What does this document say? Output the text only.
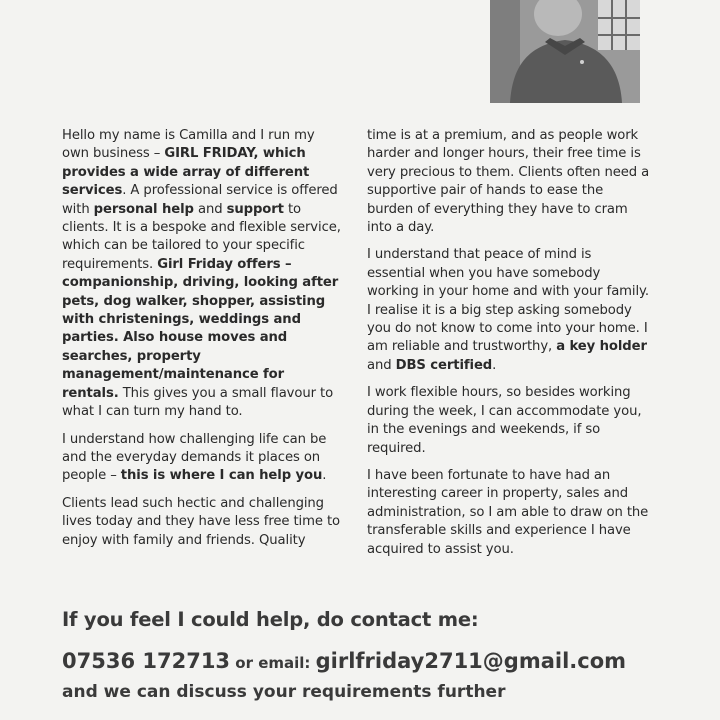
Hello my name is Camilla and I run my own business – GIRL FRIDAY, which provides a wide array of different services. A professional service is offered with personal help and support to clients. It is a bespoke and flexible service, which can be tailored to your specific requirements. Girl Friday offers – companionship, driving, looking after pets, dog walker, shopper, assisting with christenings, weddings and parties. Also house moves and searches, property management/maintenance for rentals. This gives you a small flavour to what I can turn my hand to.

I understand how challenging life can be and the everyday demands it places on people – this is where I can help you.

Clients lead such hectic and challenging lives today and they have less free time to enjoy with family and friends. Quality

time is at a premium, and as people work harder and longer hours, their free time is very precious to them. Clients often need a supportive pair of hands to ease the burden of everything they have to cram into a day.

I understand that peace of mind is essential when you have somebody working in your home and with your family. I realise it is a big step asking somebody you do not know to come into your home. I am reliable and trustworthy, a key holder and DBS certified.

I work flexible hours, so besides working during the week, I can accommodate you, in the evenings and weekends, if so required.

I have been fortunate to have had an interesting career in property, sales and administration, so I am able to draw on the transferable skills and experience I have acquired to assist you.

If you feel I could help, do contact me:
07536 172713 or email: girlfriday2711@gmail.com
and we can discuss your requirements further
